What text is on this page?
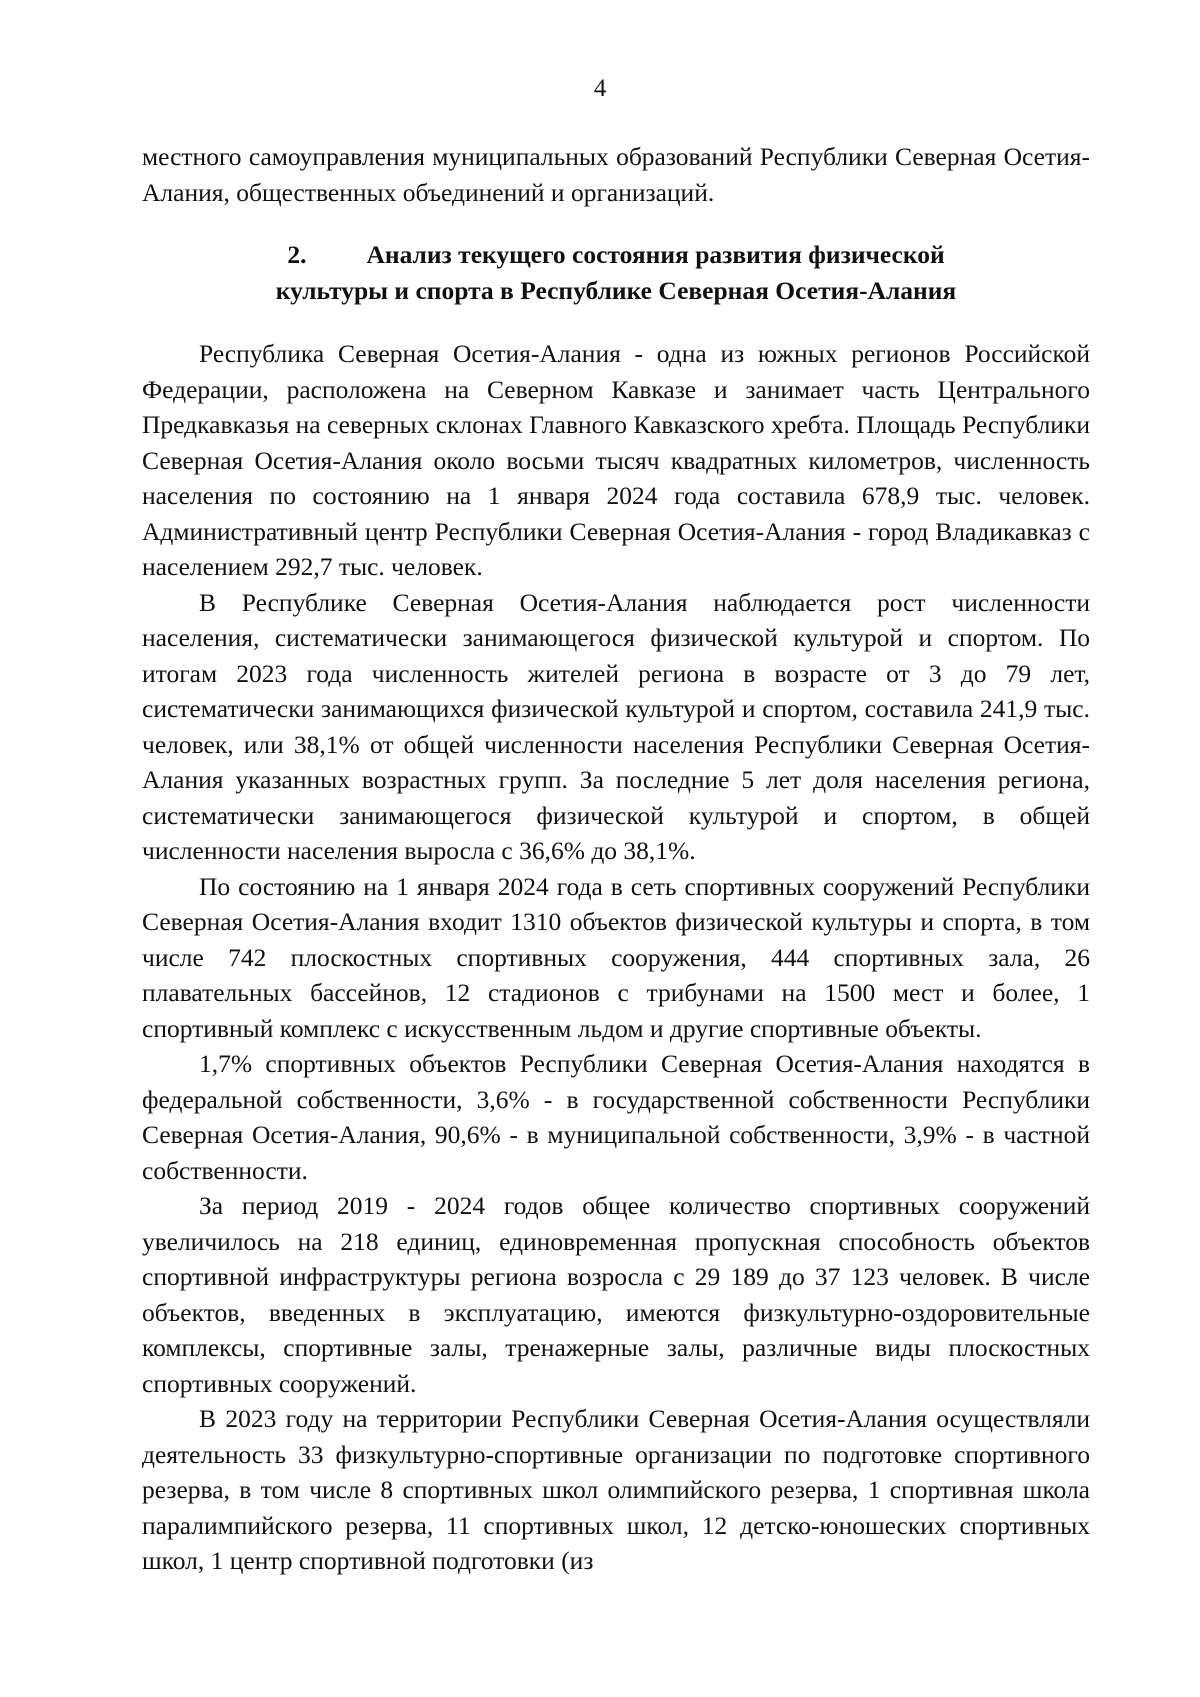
4

местного самоуправления муниципальных образований Республики Северная Осетия-Алания, общественных объединений и организаций.

2. Анализ текущего состояния развития физической
культуры и спорта в Республике Северная Осетия-Алания

Республика Северная Осетия-Алания - одна из южных регионов Российской Федерации, расположена на Северном Кавказе и занимает часть Центрального Предкавказья на северных склонах Главного Кавказского хребта. Площадь Республики Северная Осетия-Алания около восьми тысяч квадратных километров, численность населения по состоянию на 1 января 2024 года составила 678,9 тыс. человек. Административный центр Республики Северная Осетия-Алания - город Владикавказ с населением 292,7 тыс. человек.

В Республике Северная Осетия-Алания наблюдается рост численности населения, систематически занимающегося физической культурой и спортом. По итогам 2023 года численность жителей региона в возрасте от 3 до 79 лет, систематически занимающихся физической культурой и спортом, составила 241,9 тыс. человек, или 38,1% от общей численности населения Республики Северная Осетия-Алания указанных возрастных групп. За последние 5 лет доля населения региона, систематически занимающегося физической культурой и спортом, в общей численности населения выросла с 36,6% до 38,1%.

По состоянию на 1 января 2024 года в сеть спортивных сооружений Республики Северная Осетия-Алания входит 1310 объектов физической культуры и спорта, в том числе 742 плоскостных спортивных сооружения, 444 спортивных зала, 26 плавательных бассейнов, 12 стадионов с трибунами на 1500 мест и более, 1 спортивный комплекс с искусственным льдом и другие спортивные объекты.

1,7% спортивных объектов Республики Северная Осетия-Алания находятся в федеральной собственности, 3,6% - в государственной собственности Республики Северная Осетия-Алания, 90,6% - в муниципальной собственности, 3,9% - в частной собственности.

За период 2019 - 2024 годов общее количество спортивных сооружений увеличилось на 218 единиц, единовременная пропускная способность объектов спортивной инфраструктуры региона возросла с 29 189 до 37 123 человек. В числе объектов, введенных в эксплуатацию, имеются физкультурно-оздоровительные комплексы, спортивные залы, тренажерные залы, различные виды плоскостных спортивных сооружений.

В 2023 году на территории Республики Северная Осетия-Алания осуществляли деятельность 33 физкультурно-спортивные организации по подготовке спортивного резерва, в том числе 8 спортивных школ олимпийского резерва, 1 спортивная школа паралимпийского резерва, 11 спортивных школ, 12 детско-юношеских спортивных школ, 1 центр спортивной подготовки (из
